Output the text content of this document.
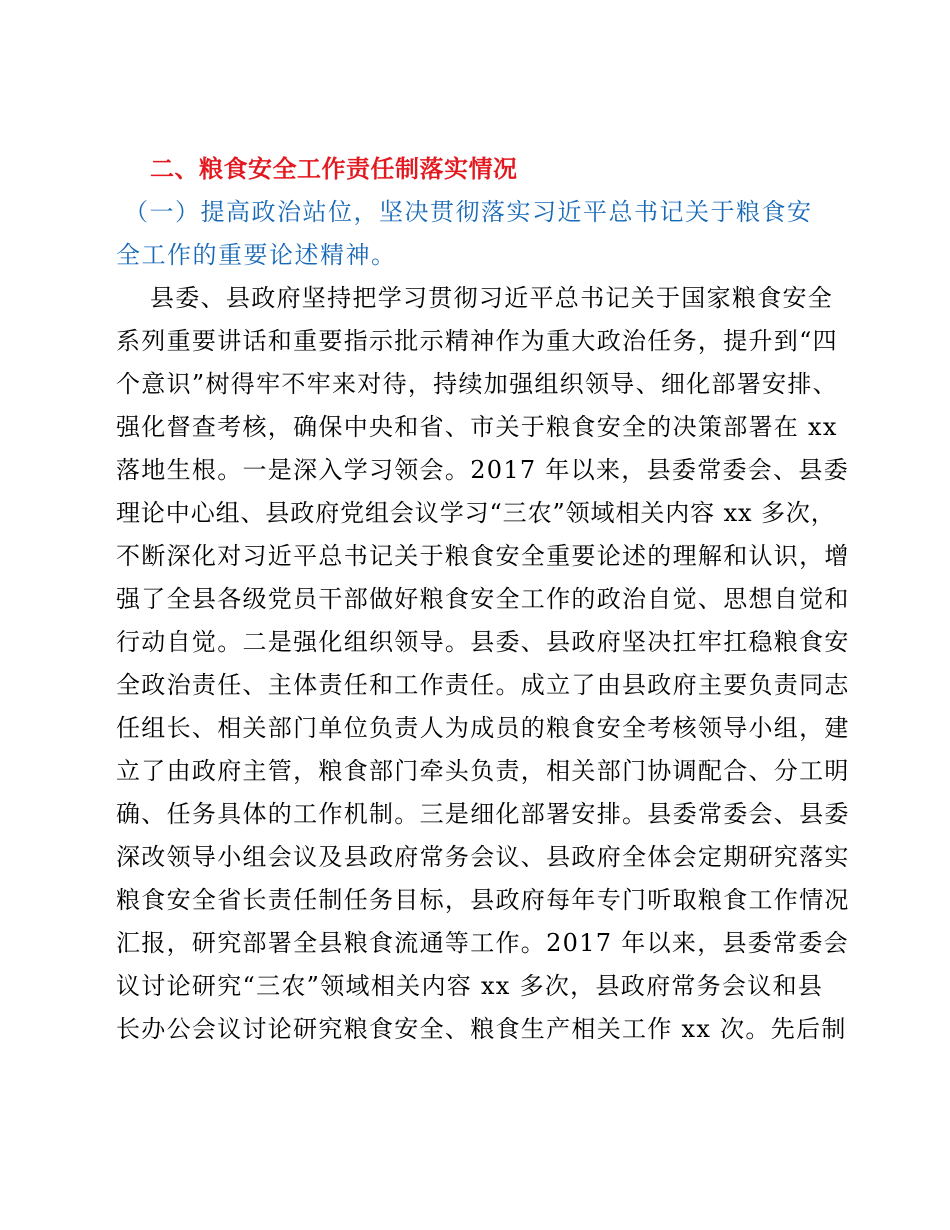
二、粮食安全工作责任制落实情况
（一）提高政治站位，坚决贯彻落实习近平总书记关于粮食安
全工作的重要论述精神。
县委、县政府坚持把学习贯彻习近平总书记关于国家粮食安全
系列重要讲话和重要指示批示精神作为重大政治任务，提升到“四
个意识”树得牢不牢来对待，持续加强组织领导、细化部署安排、
强化督查考核，确保中央和省、市关于粮食安全的决策部署在 xx
落地生根。一是深入学习领会。2017 年以来，县委常委会、县委
理论中心组、县政府党组会议学习“三农”领域相关内容 xx 多次，
不断深化对习近平总书记关于粮食安全重要论述的理解和认识，增
强了全县各级党员干部做好粮食安全工作的政治自觉、思想自觉和
行动自觉。二是强化组织领导。县委、县政府坚决扛牢扛稳粮食安
全政治责任、主体责任和工作责任。成立了由县政府主要负责同志
任组长、相关部门单位负责人为成员的粮食安全考核领导小组，建
立了由政府主管，粮食部门牵头负责，相关部门协调配合、分工明
确、任务具体的工作机制。三是细化部署安排。县委常委会、县委
深改领导小组会议及县政府常务会议、县政府全体会定期研究落实
粮食安全省长责任制任务目标，县政府每年专门听取粮食工作情况
汇报，研究部署全县粮食流通等工作。2017 年以来，县委常委会
议讨论研究“三农”领域相关内容 xx 多次，县政府常务会议和县
长办公会议讨论研究粮食安全、粮食生产相关工作 xx 次。先后制
